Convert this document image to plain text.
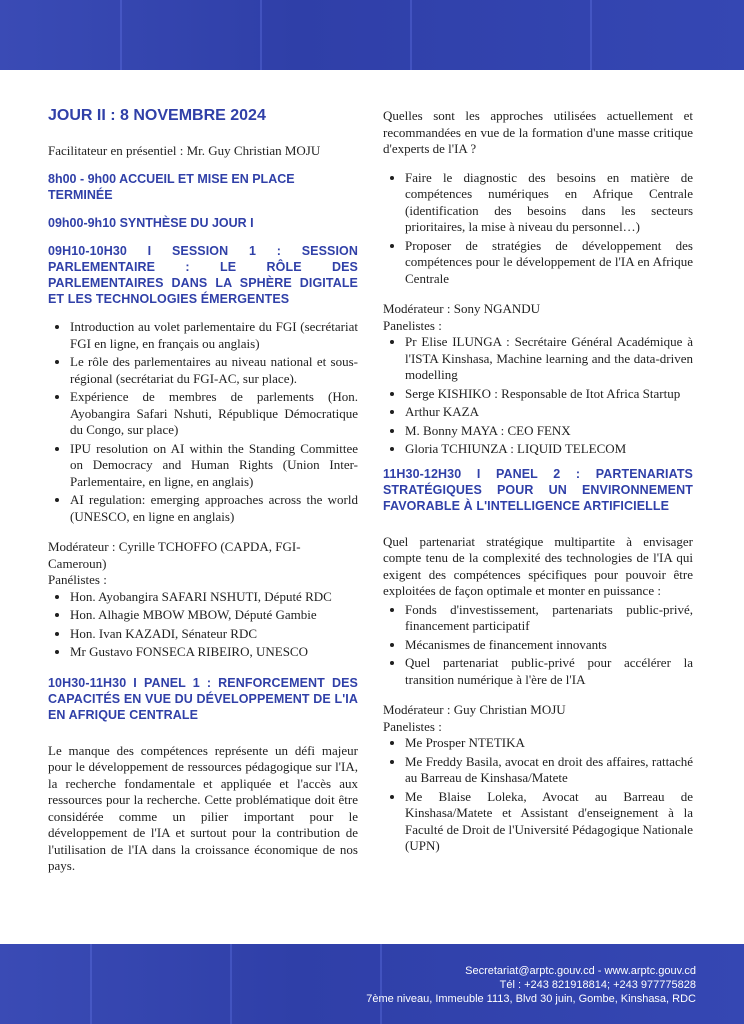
JOUR II : 8 NOVEMBRE 2024

Facilitateur en présentiel : Mr. Guy Christian MOJU

8h00 - 9h00 ACCUEIL ET MISE EN PLACE TERMINÉE

09h00-9h10 SYNTHÈSE DU JOUR I

09H10-10H30 I SESSION 1 : SESSION PARLEMENTAIRE : LE RÔLE DES PARLEMENTAIRES DANS LA SPHÈRE DIGITALE ET LES TECHNOLOGIES ÉMERGENTES

• Introduction au volet parlementaire du FGI (secrétariat FGI en ligne, en français ou anglais)
• Le rôle des parlementaires au niveau national et sous-régional (secrétariat du FGI-AC, sur place).
• Expérience de membres de parlements (Hon. Ayobangira Safari Nshuti, République Démocratique du Congo, sur place)
• IPU resolution on AI within the Standing Committee on Democracy and Human Rights (Union Inter-Parlementaire, en ligne, en anglais)
• AI regulation: emerging approaches across the world (UNESCO, en ligne en anglais)

Modérateur : Cyrille TCHOFFO (CAPDA, FGI-Cameroun)

Panélistes :

• Hon. Ayobangira SAFARI NSHUTI, Député RDC
• Hon. Alhagie MBOW MBOW, Député Gambie
• Hon. Ivan KAZADI, Sénateur RDC
• Mr Gustavo FONSECA RIBEIRO, UNESCO

10H30-11H30 I PANEL 1 : RENFORCEMENT DES CAPACITÉS EN VUE DU DÉVELOPPEMENT DE L'IA EN AFRIQUE CENTRALE

Le manque des compétences représente un défi majeur pour le développement de ressources pédagogique sur l'IA, la recherche fondamentale et appliquée et l'accès aux ressources pour la recherche. Cette problématique doit être considérée comme un pilier important pour le développement de l'IA et surtout pour la contribution de l'utilisation de l'IA dans la croissance économique de nos pays.

Quelles sont les approches utilisées actuellement et recommandées en vue de la formation d'une masse critique d'experts de l'IA ?

• Faire le diagnostic des besoins en matière de compétences numériques en Afrique Centrale (identification des besoins dans les secteurs prioritaires, la mise à niveau du personnel…)
• Proposer de stratégies de développement des compétences pour le développement de l'IA en Afrique Centrale

Modérateur : Sony NGANDU

Panelistes :

• Pr Elise ILUNGA : Secrétaire Général Académique à l'ISTA Kinshasa, Machine learning and the data-driven modelling
• Serge KISHIKO : Responsable de Itot Africa Startup
• Arthur KAZA
• M. Bonny MAYA : CEO FENX
• Gloria TCHIUNZA : LIQUID TELECOM

11H30-12H30 I PANEL 2 : PARTENARIATS STRATÉGIQUES POUR UN ENVIRONNEMENT FAVORABLE À L'INTELLIGENCE ARTIFICIELLE

Quel partenariat stratégique multipartite à envisager compte tenu de la complexité des technologies de l'IA qui exigent des compétences spécifiques pour pouvoir être exploitées de façon optimale et monter en puissance :

• Fonds d'investissement, partenariats public-privé, financement participatif
• Mécanismes de financement innovants
• Quel partenariat public-privé pour accélérer la transition numérique à l'ère de l'IA

Modérateur : Guy Christian MOJU

Panelistes :

• Me Prosper NTETIKA
• Me Freddy Basila, avocat en droit des affaires, rattaché au Barreau de Kinshasa/Matete
• Me Blaise Loleka, Avocat au Barreau de Kinshasa/Matete et Assistant d'enseignement à la Faculté de Droit de l'Université Pédagogique Nationale (UPN)
Secretariat@arptc.gouv.cd - www.arptc.gouv.cd
Tél : +243 821918814; +243 977775828
7ème niveau, Immeuble 1113, Blvd 30 juin, Gombe, Kinshasa, RDC
